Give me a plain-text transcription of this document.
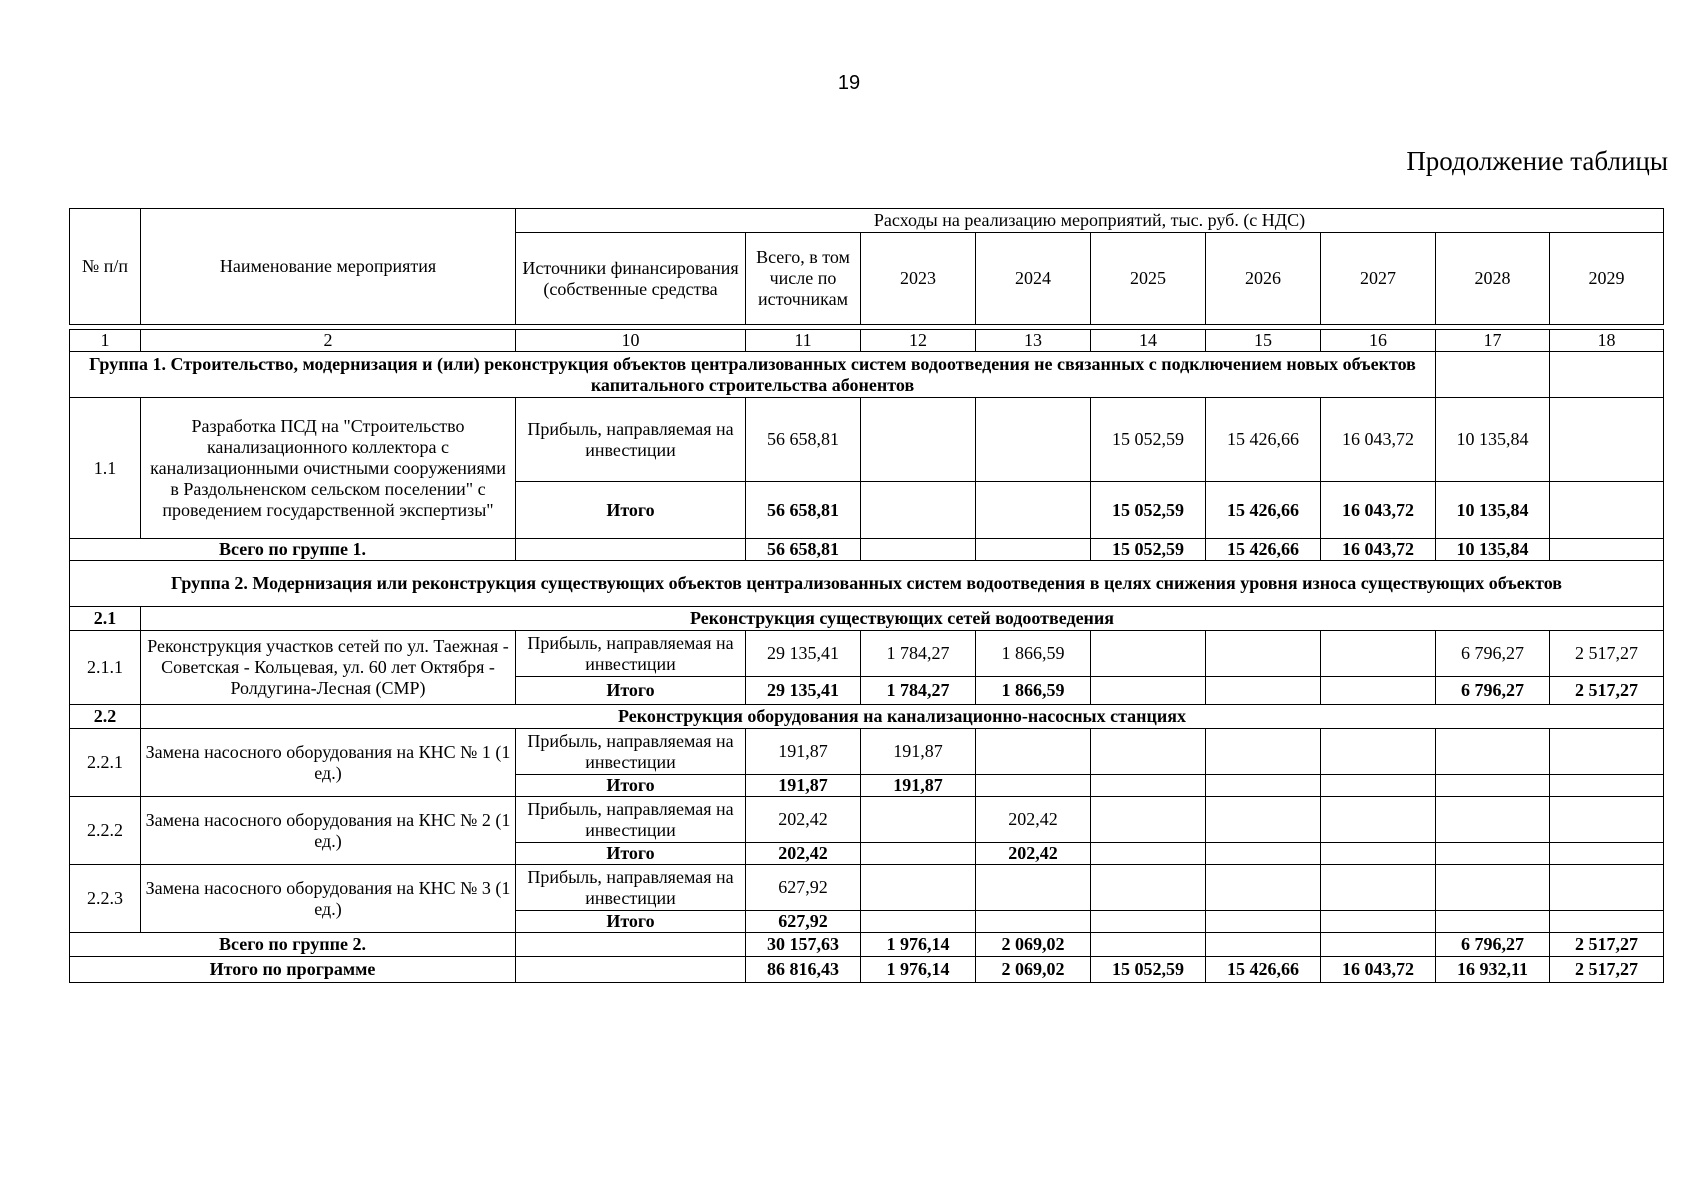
19
Продолжение таблицы
№ п/п	Наименование мероприятия	Расходы на реализацию мероприятий, тыс. руб. (с НДС)								
		Источники финансирования (собственные средства	Всего, в том числе по источникам	2023	2024	2025	2026	2027	2028	2029

1	2	10	11	12	13	14	15	16	17	18
Группа 1. Строительство, модернизация и (или) реконструкция объектов централизованных систем водоотведения не связанных с подключением новых объектов капитального строительства абонентов										
1.1	Разработка ПСД на "Строительство канализационного коллектора с канализационными очистными сооружениями в Раздольненском сельском поселении" с проведением государственной экспертизы"	Прибыль, направляемая на инвестиции	56 658,81			15 052,59	15 426,66	16 043,72	10 135,84	
		Итого	56 658,81			15 052,59	15 426,66	16 043,72	10 135,84	
Всего по группе 1.			56 658,81			15 052,59	15 426,66	16 043,72	10 135,84	
Группа 2. Модернизация или реконструкция существующих объектов централизованных систем водоотведения в целях снижения уровня износа существующих объектов										
2.1	Реконструкция существующих сетей водоотведения									
2.1.1	Реконструкция участков сетей по ул. Таежная - Советская - Кольцевая, ул. 60 лет Октября - Ролдугина-Лесная (СМР)	Прибыль, направляемая на инвестиции	29 135,41	1 784,27	1 866,59				6 796,27	2 517,27
		Итого	29 135,41	1 784,27	1 866,59				6 796,27	2 517,27
2.2	Реконструкция оборудования на канализационно-насосных станциях									
2.2.1	Замена насосного оборудования на КНС № 1 (1 ед.)	Прибыль, направляемая на инвестиции	191,87	191,87						
		Итого	191,87	191,87						
2.2.2	Замена насосного оборудования на КНС № 2 (1 ед.)	Прибыль, направляемая на инвестиции	202,42		202,42					
		Итого	202,42		202,42					
2.2.3	Замена насосного оборудования на КНС № 3 (1 ед.)	Прибыль, направляемая на инвестиции	627,92							
		Итого	627,92							
Всего по группе 2.			30 157,63	1 976,14	2 069,02				6 796,27	2 517,27
Итого по программе			86 816,43	1 976,14	2 069,02	15 052,59	15 426,66	16 043,72	16 932,11	2 517,27
